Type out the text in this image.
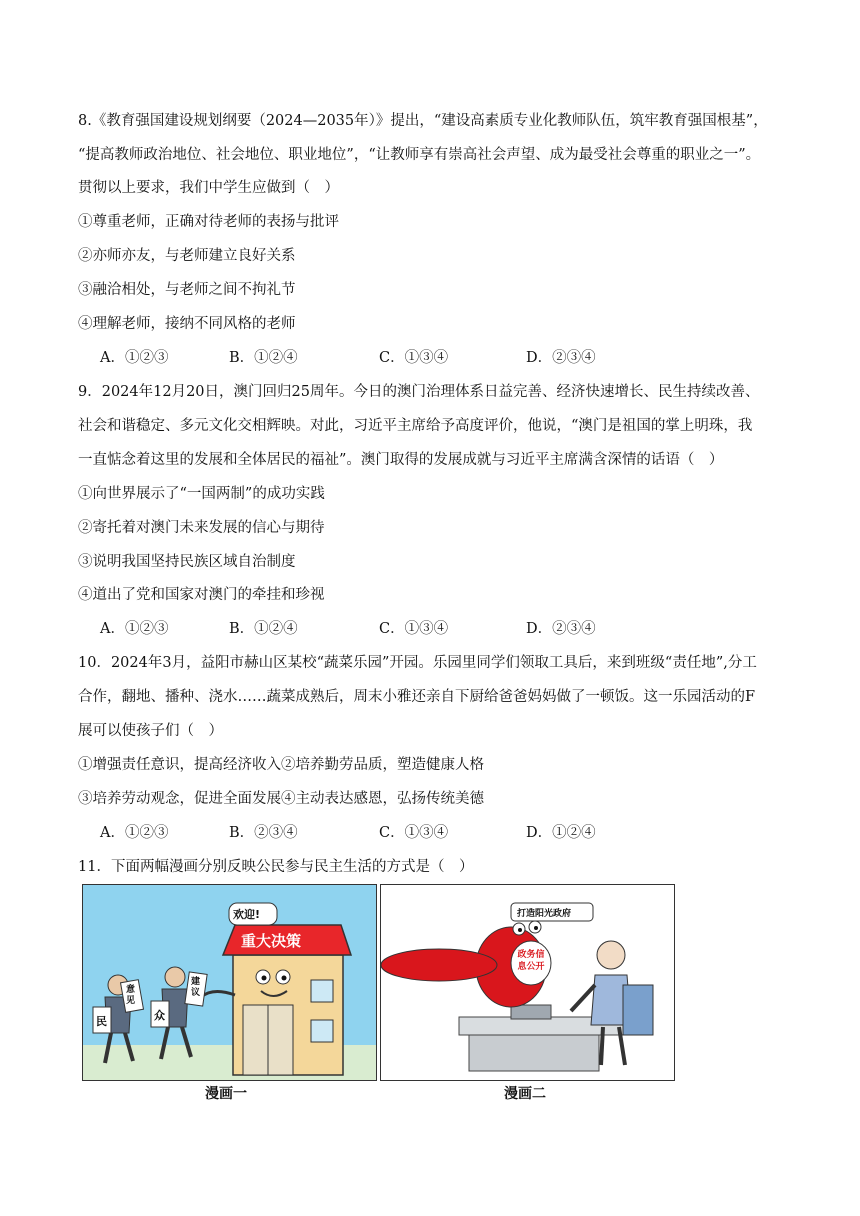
8.《教育强国建设规划纲要（2024—2035年）》提出，“建设高素质专业化教师队伍，筑牢教育强国根基”，
“提高教师政治地位、社会地位、职业地位”，“让教师享有崇高社会声望、成为最受社会尊重的职业之一”。
贯彻以上要求，我们中学生应做到（　）
①尊重老师，正确对待老师的表扬与批评
②亦师亦友，与老师建立良好关系
③融洽相处，与老师之间不拘礼节
④理解老师，接纳不同风格的老师
A．①②③	B．①②④	C．①③④	D．②③④
9．2024年12月20日，澳门回归25周年。今日的澳门治理体系日益完善、经济快速增长、民生持续改善、
社会和谐稳定、多元文化交相辉映。对此，习近平主席给予高度评价，他说，“澳门是祖国的掌上明珠，我
一直惦念着这里的发展和全体居民的福祉”。澳门取得的发展成就与习近平主席满含深情的话语（　）
①向世界展示了“一国两制”的成功实践
②寄托着对澳门未来发展的信心与期待
③说明我国坚持民族区域自治制度
④道出了党和国家对澳门的牵挂和珍视
A．①②③	B．①②④	C．①③④	D．②③④
10．2024年3月，益阳市赫山区某校“蔬菜乐园”开园。乐园里同学们领取工具后，来到班级“责任地”,分工
合作，翻地、播种、浇水……蔬菜成熟后，周末小雅还亲自下厨给爸爸妈妈做了一顿饭。这一乐园活动的F
展可以使孩子们（　）
①增强责任意识，提高经济收入②培养勤劳品质，塑造健康人格
③培养劳动观念，促进全面发展④主动表达感恩，弘扬传统美德
A．①②③	B．②③④	C．①③④	D．①②④
11．下面两幅漫画分别反映公民参与民主生活的方式是（　）
欢迎!
重大决策
意见
建议
民	众
打造阳光政府
政务信息公开
漫画一	漫画二
